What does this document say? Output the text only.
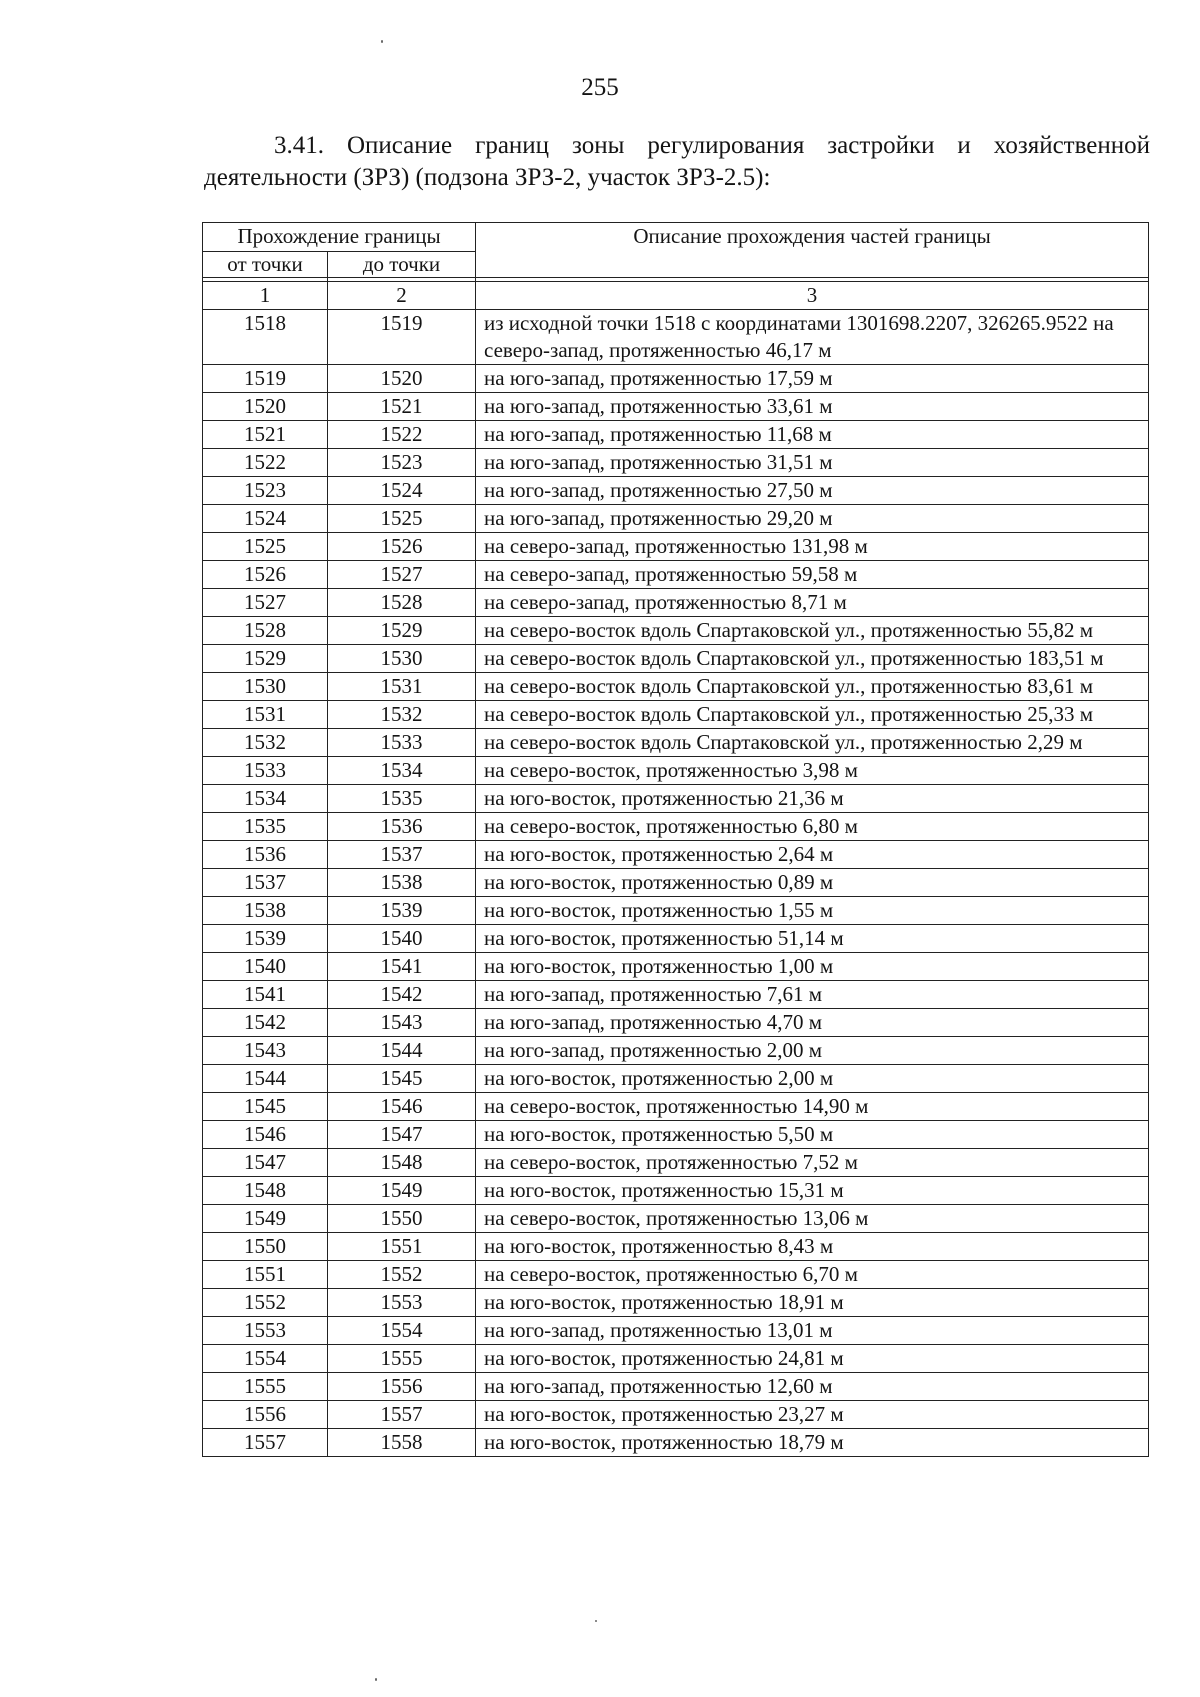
255
3.41. Описание границ зоны регулирования застройки и хозяйственной
деятельности (ЗРЗ) (подзона ЗРЗ-2, участок ЗРЗ-2.5):
Прохождение границы		Описание прохождения частей границы
от точки	до точки	

1	2	3
1518	1519	из исходной точки 1518 с координатами 1301698.2207, 326265.9522 на северо-запад, протяженностью 46,17 м
1519	1520	на юго-запад, протяженностью 17,59 м
1520	1521	на юго-запад, протяженностью 33,61 м
1521	1522	на юго-запад, протяженностью 11,68 м
1522	1523	на юго-запад, протяженностью 31,51 м
1523	1524	на юго-запад, протяженностью 27,50 м
1524	1525	на юго-запад, протяженностью 29,20 м
1525	1526	на северо-запад, протяженностью 131,98 м
1526	1527	на северо-запад, протяженностью 59,58 м
1527	1528	на северо-запад, протяженностью 8,71 м
1528	1529	на северо-восток вдоль Спартаковской ул., протяженностью 55,82 м
1529	1530	на северо-восток вдоль Спартаковской ул., протяженностью 183,51 м
1530	1531	на северо-восток вдоль Спартаковской ул., протяженностью 83,61 м
1531	1532	на северо-восток вдоль Спартаковской ул., протяженностью 25,33 м
1532	1533	на северо-восток вдоль Спартаковской ул., протяженностью 2,29 м
1533	1534	на северо-восток, протяженностью 3,98 м
1534	1535	на юго-восток, протяженностью 21,36 м
1535	1536	на северо-восток, протяженностью 6,80 м
1536	1537	на юго-восток, протяженностью 2,64 м
1537	1538	на юго-восток, протяженностью 0,89 м
1538	1539	на юго-восток, протяженностью 1,55 м
1539	1540	на юго-восток, протяженностью 51,14 м
1540	1541	на юго-восток, протяженностью 1,00 м
1541	1542	на юго-запад, протяженностью 7,61 м
1542	1543	на юго-запад, протяженностью 4,70 м
1543	1544	на юго-запад, протяженностью 2,00 м
1544	1545	на юго-восток, протяженностью 2,00 м
1545	1546	на северо-восток, протяженностью 14,90 м
1546	1547	на юго-восток, протяженностью 5,50 м
1547	1548	на северо-восток, протяженностью 7,52 м
1548	1549	на юго-восток, протяженностью 15,31 м
1549	1550	на северо-восток, протяженностью 13,06 м
1550	1551	на юго-восток, протяженностью 8,43 м
1551	1552	на северо-восток, протяженностью 6,70 м
1552	1553	на юго-восток, протяженностью 18,91 м
1553	1554	на юго-запад, протяженностью 13,01 м
1554	1555	на юго-восток, протяженностью 24,81 м
1555	1556	на юго-запад, протяженностью 12,60 м
1556	1557	на юго-восток, протяженностью 23,27 м
1557	1558	на юго-восток, протяженностью 18,79 м
